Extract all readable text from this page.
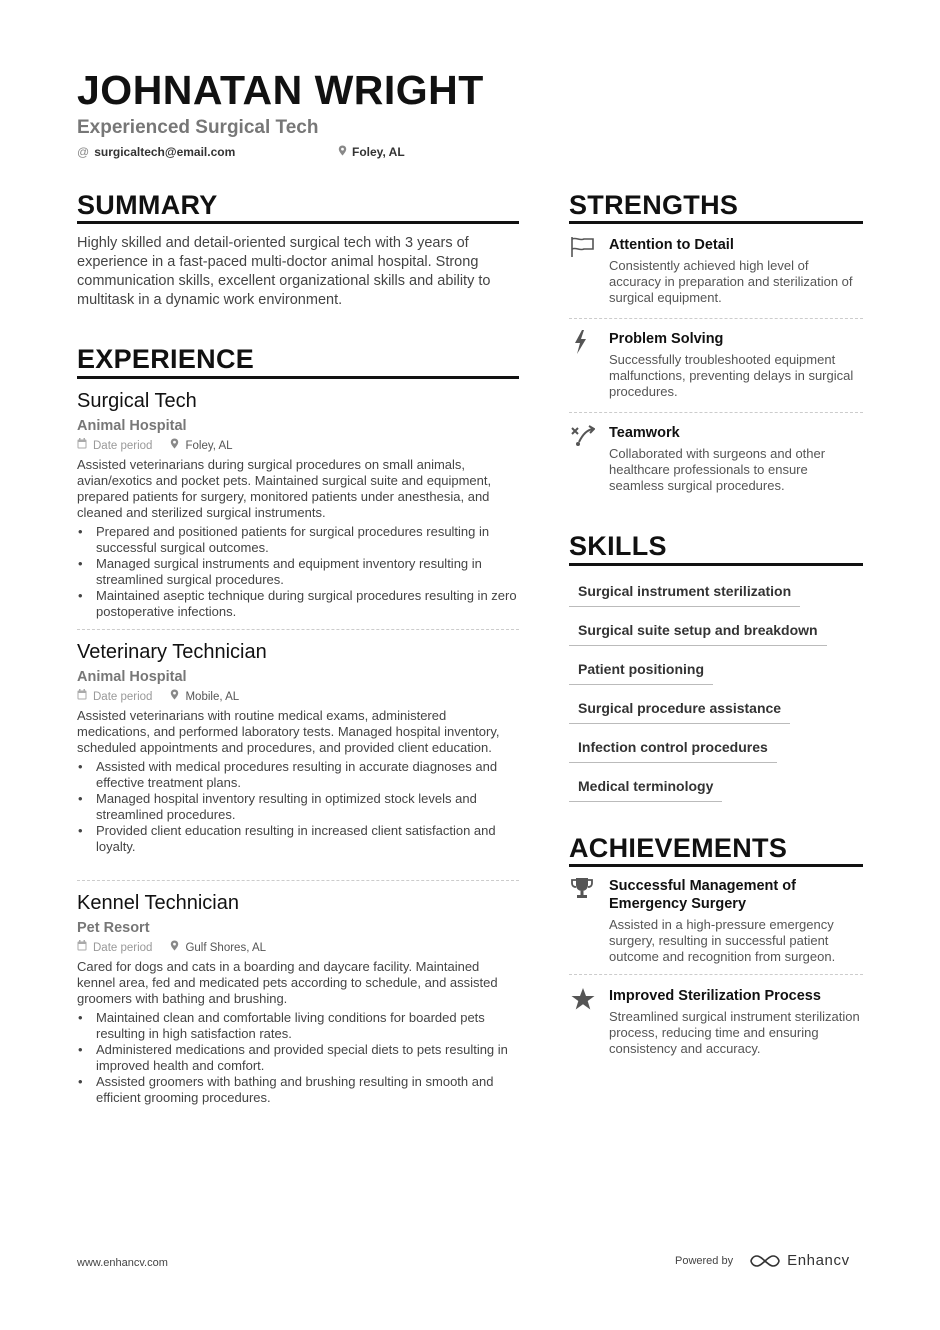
JOHNATAN WRIGHT
Experienced Surgical Tech
@ surgicaltech@email.com	Foley, AL
SUMMARY
Highly skilled and detail-oriented surgical tech with 3 years of experience in a fast-paced multi-doctor animal hospital. Strong communication skills, excellent organizational skills and ability to multitask in a dynamic work environment.
EXPERIENCE
Surgical Tech
Animal Hospital
Date period	Foley, AL
Assisted veterinarians during surgical procedures on small animals, avian/exotics and pocket pets. Maintained surgical suite and equipment, prepared patients for surgery, monitored patients under anesthesia, and cleaned and sterilized surgical instruments.
• Prepared and positioned patients for surgical procedures resulting in successful surgical outcomes.
• Managed surgical instruments and equipment inventory resulting in streamlined surgical procedures.
• Maintained aseptic technique during surgical procedures resulting in zero postoperative infections.
Veterinary Technician
Animal Hospital
Date period	Mobile, AL
Assisted veterinarians with routine medical exams, administered medications, and performed laboratory tests. Managed hospital inventory, scheduled appointments and procedures, and provided client education.
• Assisted with medical procedures resulting in accurate diagnoses and effective treatment plans.
• Managed hospital inventory resulting in optimized stock levels and streamlined procedures.
• Provided client education resulting in increased client satisfaction and loyalty.
Kennel Technician
Pet Resort
Date period	Gulf Shores, AL
Cared for dogs and cats in a boarding and daycare facility. Maintained kennel area, fed and medicated pets according to schedule, and assisted groomers with bathing and brushing.
• Maintained clean and comfortable living conditions for boarded pets resulting in high satisfaction rates.
• Administered medications and provided special diets to pets resulting in improved health and comfort.
• Assisted groomers with bathing and brushing resulting in smooth and efficient grooming procedures.
STRENGTHS
Attention to Detail
Consistently achieved high level of accuracy in preparation and sterilization of surgical equipment.
Problem Solving
Successfully troubleshooted equipment malfunctions, preventing delays in surgical procedures.
Teamwork
Collaborated with surgeons and other healthcare professionals to ensure seamless surgical procedures.
SKILLS
Surgical instrument sterilization
Surgical suite setup and breakdown
Patient positioning
Surgical procedure assistance
Infection control procedures
Medical terminology
ACHIEVEMENTS
Successful Management of Emergency Surgery
Assisted in a high-pressure emergency surgery, resulting in successful patient outcome and recognition from surgeon.
Improved Sterilization Process
Streamlined surgical instrument sterilization process, reducing time and ensuring consistency and accuracy.
www.enhancv.com	Powered by	Enhancv
